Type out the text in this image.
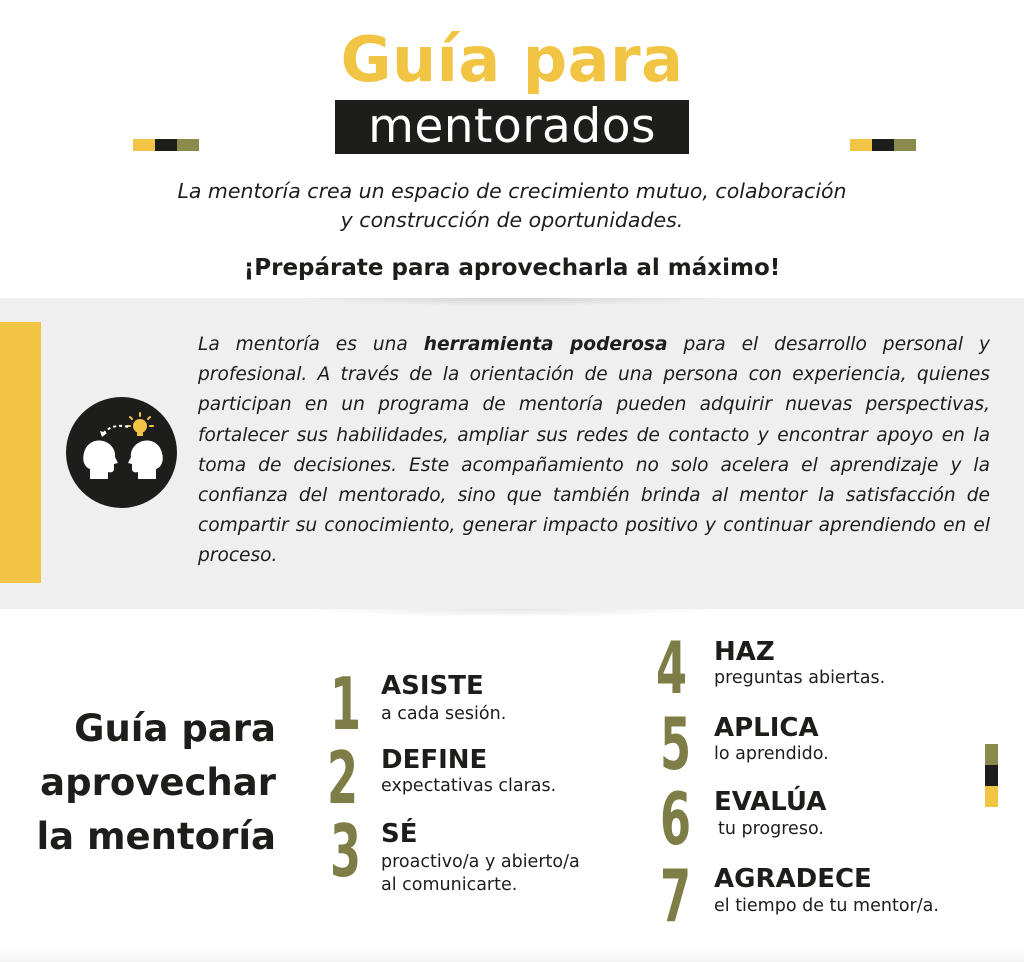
Guía para
mentorados
La mentoría crea un espacio de crecimiento mutuo, colaboración
y construcción de oportunidades.
¡Prepárate para aprovecharla al máximo!
La mentoría es una herramienta poderosa para el desarrollo personal y profesional. A través de la orientación de una persona con experiencia, quienes participan en un programa de mentoría pueden adquirir nuevas perspectivas, fortalecer sus habilidades, ampliar sus redes de contacto y encontrar apoyo en la toma de decisiones. Este acompañamiento no solo acelera el aprendizaje y la confianza del mentorado, sino que también brinda al mentor la satisfacción de compartir su conocimiento, generar impacto positivo y continuar aprendiendo en el proceso.
Guía para
aprovechar
la mentoría
1 ASISTE
a cada sesión.
2 DEFINE
expectativas claras.
3 SÉ
proactivo/a y abierto/a
al comunicarte.
4 HAZ
preguntas abiertas.
5 APLICA
lo aprendido.
6 EVALÚA
tu progreso.
7 AGRADECE
el tiempo de tu mentor/a.
